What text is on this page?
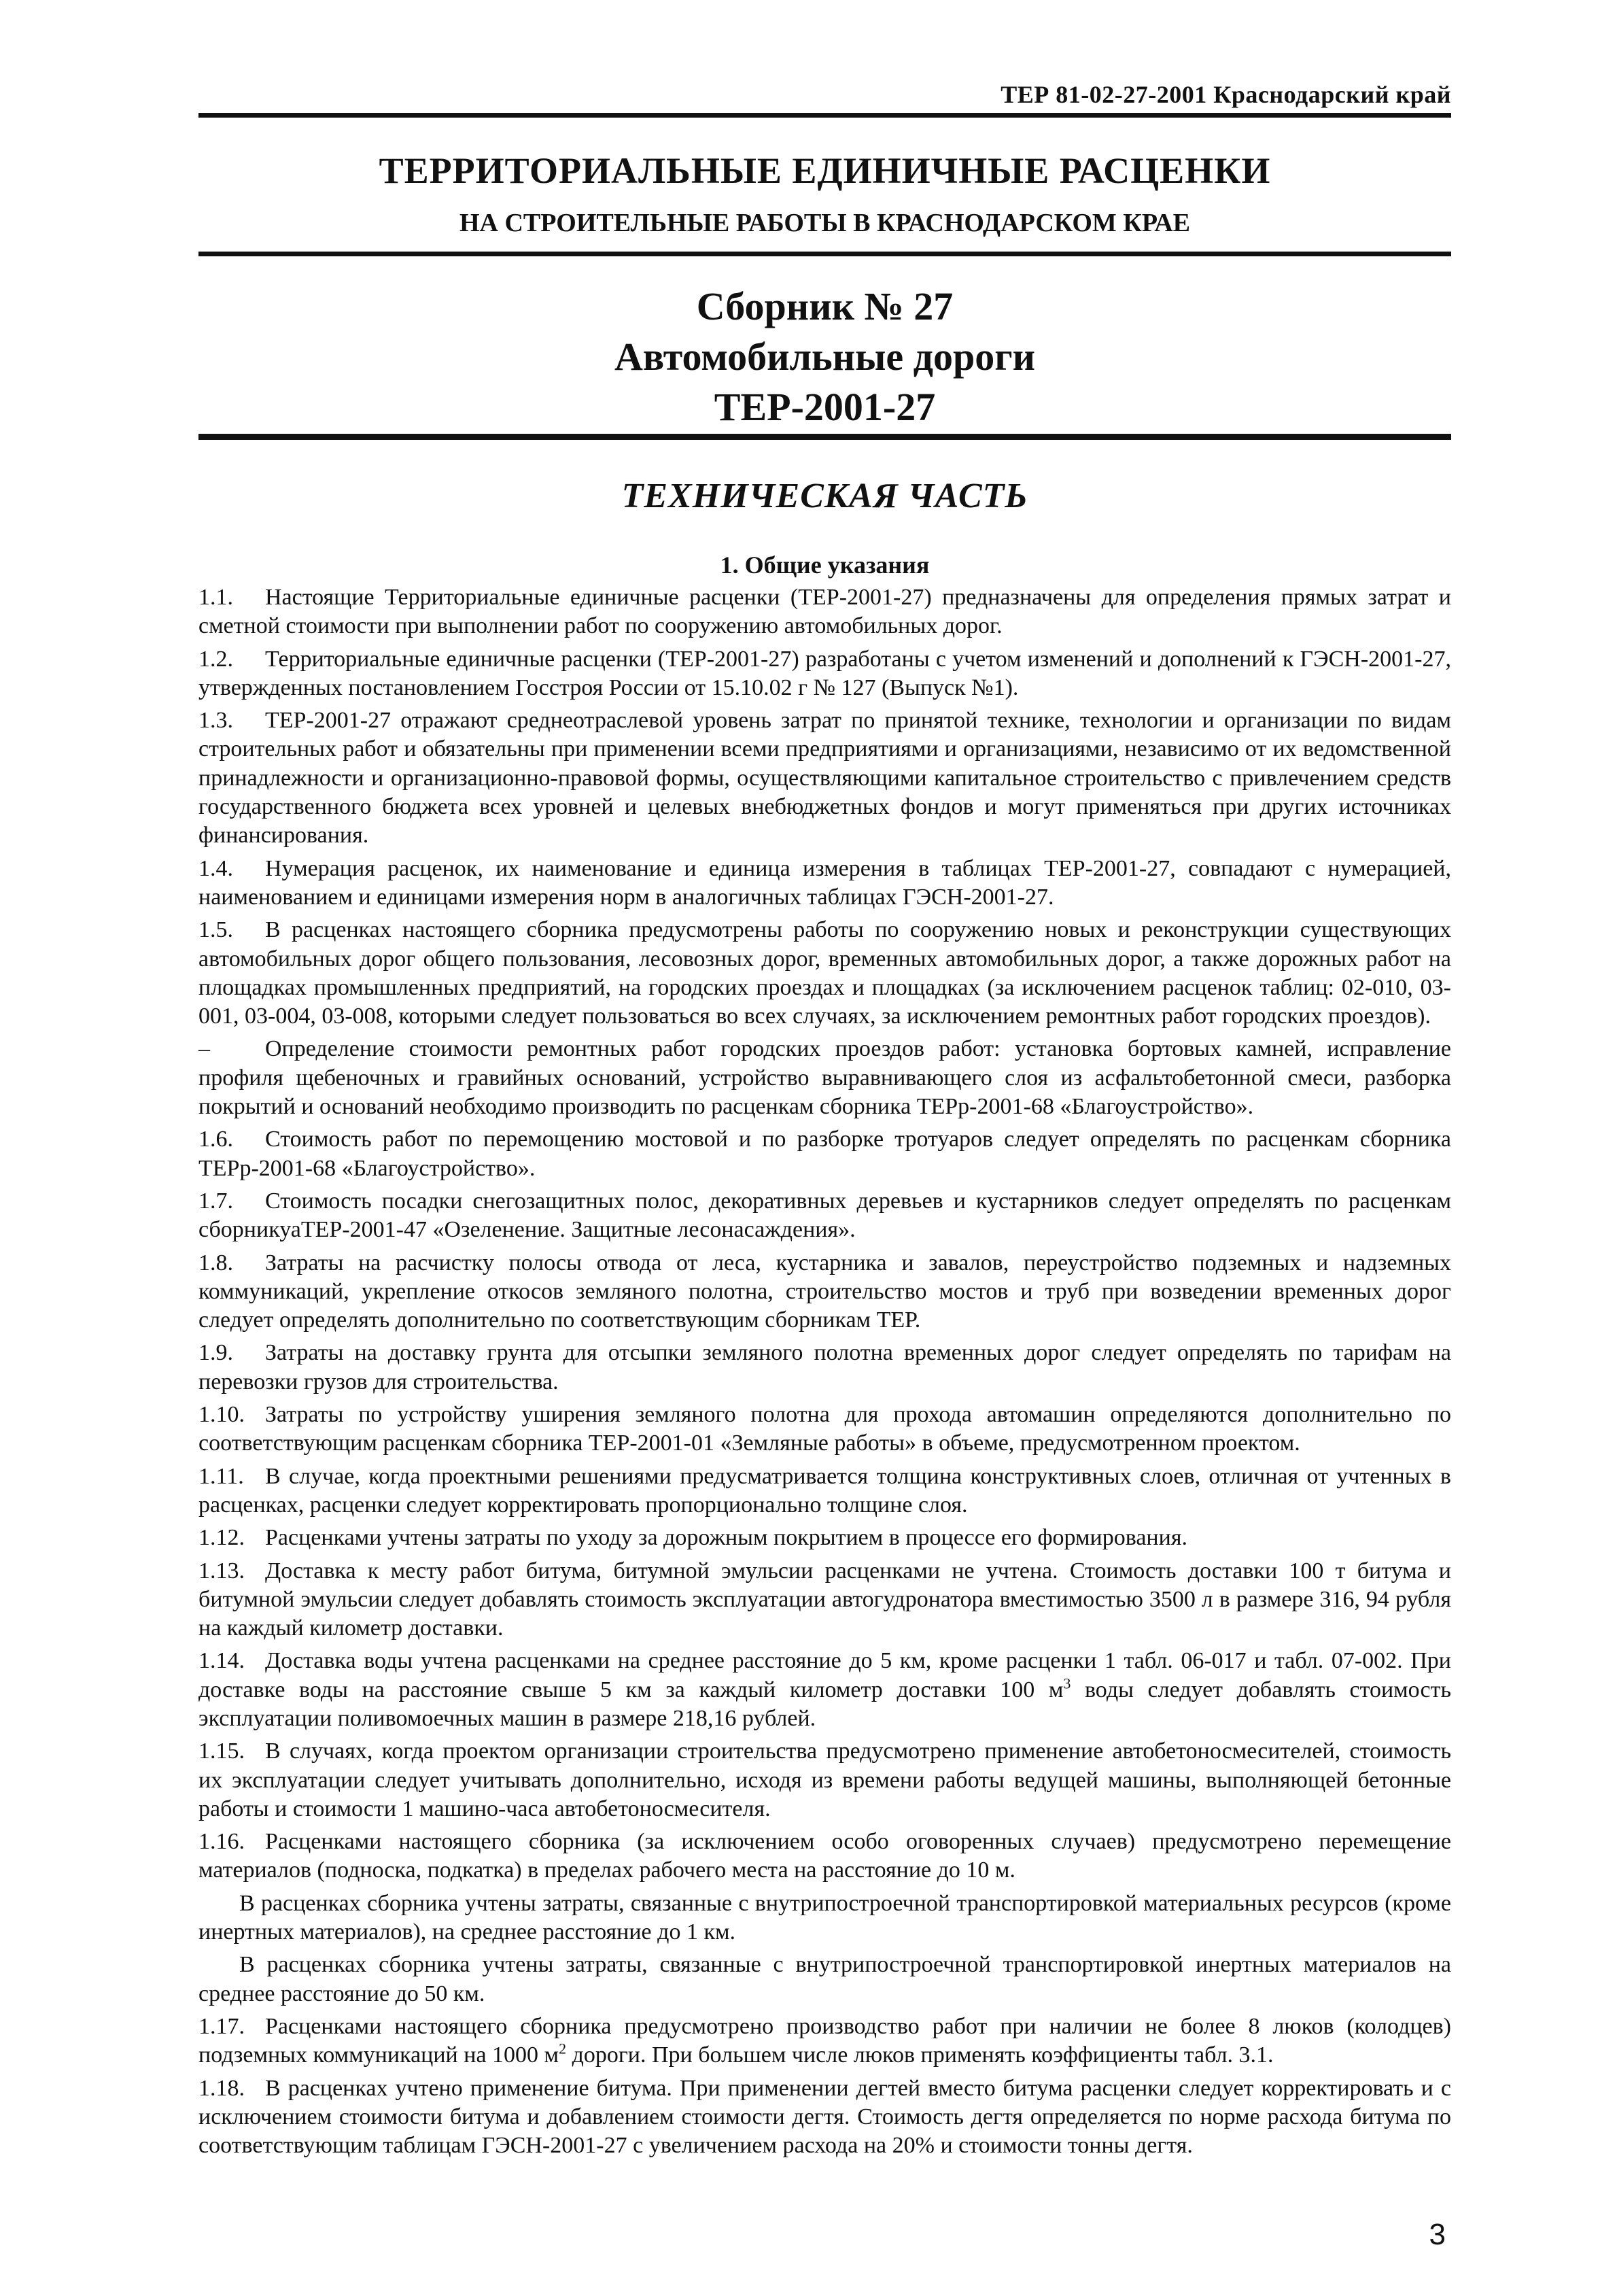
ТЕР 81-02-27-2001 Краснодарский край
ТЕРРИТОРИАЛЬНЫЕ ЕДИНИЧНЫЕ РАСЦЕНКИ
НА СТРОИТЕЛЬНЫЕ РАБОТЫ В КРАСНОДАРСКОМ КРАЕ
Сборник № 27
Автомобильные дороги
ТЕР-2001-27
ТЕХНИЧЕСКАЯ ЧАСТЬ
1. Общие указания
1.1. Настоящие Территориальные единичные расценки (ТЕР-2001-27) предназначены для определения прямых затрат и сметной стоимости при выполнении работ по сооружению автомобильных дорог.
1.2. Территориальные единичные расценки (ТЕР-2001-27) разработаны с учетом изменений и дополнений к ГЭСН-2001-27, утвержденных постановлением Госстроя России от 15.10.02 г № 127 (Выпуск №1).
1.3. ТЕР-2001-27 отражают среднеотраслевой уровень затрат по принятой технике, технологии и организации по видам строительных работ и обязательны при применении всеми предприятиями и организациями, независимо от их ведомственной принадлежности и организационно-правовой формы, осуществляющими капитальное строительство с привлечением средств государственного бюджета всех уровней и целевых внебюджетных фондов и могут применяться при других источниках финансирования.
1.4. Нумерация расценок, их наименование и единица измерения в таблицах ТЕР-2001-27, совпадают с нумерацией, наименованием и единицами измерения норм в аналогичных таблицах ГЭСН-2001-27.
1.5. В расценках настоящего сборника предусмотрены работы по сооружению новых и реконструкции существующих автомобильных дорог общего пользования, лесовозных дорог, временных автомобильных дорог, а также дорожных работ на площадках промышленных предприятий, на городских проездах и площадках (за исключением расценок таблиц: 02-010, 03-001, 03-004, 03-008, которыми следует пользоваться во всех случаях, за исключением ремонтных работ городских проездов).
– Определение стоимости ремонтных работ городских проездов работ: установка бортовых камней, исправление профиля щебеночных и гравийных оснований, устройство выравнивающего слоя из асфальтобетонной смеси, разборка покрытий и оснований необходимо производить по расценкам сборника ТЕРр-2001-68 «Благоустройство».
1.6. Стоимость работ по перемощению мостовой и по разборке тротуаров следует определять по расценкам сборника ТЕРр-2001-68 «Благоустройство».
1.7. Стоимость посадки снегозащитных полос, декоративных деревьев и кустарников следует определять по расценкам сборникуаТЕР-2001-47 «Озеленение. Защитные лесонасаждения».
1.8. Затраты на расчистку полосы отвода от леса, кустарника и завалов, переустройство подземных и надземных коммуникаций, укрепление откосов земляного полотна, строительство мостов и труб при возведении временных дорог следует определять дополнительно по соответствующим сборникам ТЕР.
1.9. Затраты на доставку грунта для отсыпки земляного полотна временных дорог следует определять по тарифам на перевозки грузов для строительства.
1.10. Затраты по устройству уширения земляного полотна для прохода автомашин определяются дополнительно по соответствующим расценкам сборника ТЕР-2001-01 «Земляные работы» в объеме, предусмотренном проектом.
1.11. В случае, когда проектными решениями предусматривается толщина конструктивных слоев, отличная от учтенных в расценках, расценки следует корректировать пропорционально толщине слоя.
1.12. Расценками учтены затраты по уходу за дорожным покрытием в процессе его формирования.
1.13. Доставка к месту работ битума, битумной эмульсии расценками не учтена. Стоимость доставки 100 т битума и битумной эмульсии следует добавлять стоимость эксплуатации автогудронатора вместимостью 3500 л в размере 316, 94 рубля на каждый километр доставки.
1.14. Доставка воды учтена расценками на среднее расстояние до 5 км, кроме расценки 1 табл. 06-017 и табл. 07-002. При доставке воды на расстояние свыше 5 км за каждый километр доставки 100 $м^3$ воды следует добавлять стоимость эксплуатации поливомоечных машин в размере 218,16 рублей.
1.15. В случаях, когда проектом организации строительства предусмотрено применение автобетоносмесителей, стоимость их эксплуатации следует учитывать дополнительно, исходя из времени работы ведущей машины, выполняющей бетонные работы и стоимости 1 машино-часа автобетоносмесителя.
1.16. Расценками настоящего сборника (за исключением особо оговоренных случаев) предусмотрено перемещение материалов (подноска, подкатка) в пределах рабочего места на расстояние до 10 м.
В расценках сборника учтены затраты, связанные с внутрипостроечной транспортировкой материальных ресурсов (кроме инертных материалов), на среднее расстояние до 1 км.
В расценках сборника учтены затраты, связанные с внутрипостроечной транспортировкой инертных материалов на среднее расстояние до 50 км.
1.17. Расценками настоящего сборника предусмотрено производство работ при наличии не более 8 люков (колодцев) подземных коммуникаций на 1000 $м^2$ дороги. При большем числе люков применять коэффициенты табл. 3.1.
1.18. В расценках учтено применение битума. При применении дегтей вместо битума расценки следует корректировать и с исключением стоимости битума и добавлением стоимости дегтя. Стоимость дегтя определяется по норме расхода битума по соответствующим таблицам ГЭСН-2001-27 с увеличением расхода на 20% и стоимости тонны дегтя.
3
